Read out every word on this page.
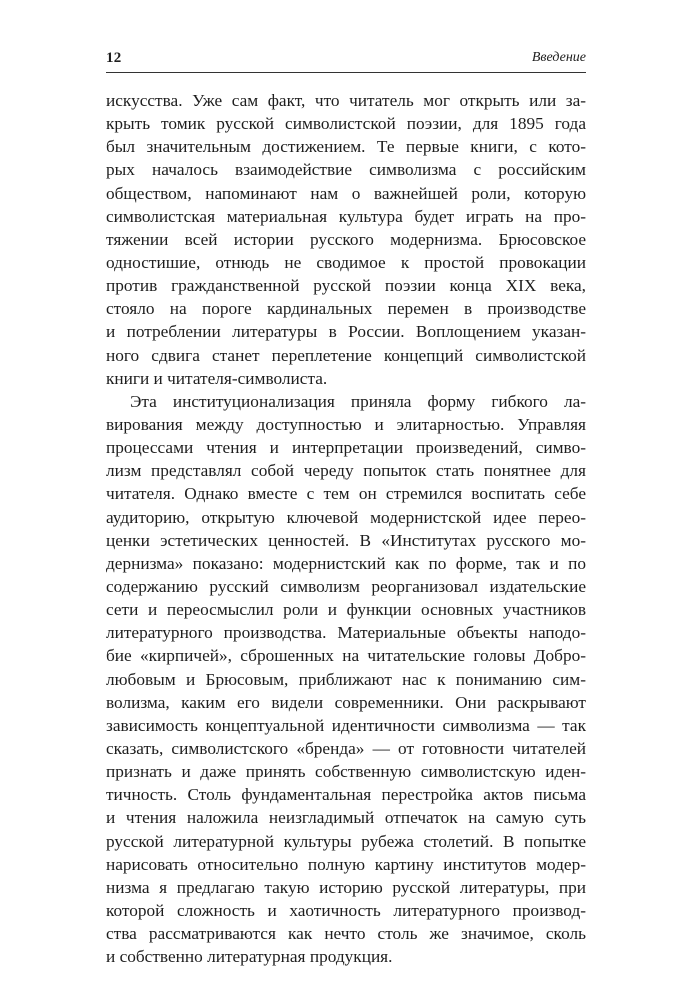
12	Введение
искусства. Уже сам факт, что читатель мог открыть или за-
крыть томик русской символистской поэзии, для 1895 года
был значительным достижением. Те первые книги, с кото-
рых началось взаимодействие символизма с российским
обществом, напоминают нам о важнейшей роли, которую
символистская материальная культура будет играть на про-
тяжении всей истории русского модернизма. Брюсовское
одностишие, отнюдь не сводимое к простой провокации
против гражданственной русской поэзии конца XIX века,
стояло на пороге кардинальных перемен в производстве
и потреблении литературы в России. Воплощением указан-
ного сдвига станет переплетение концепций символистской
книги и читателя-символиста.
Эта институционализация приняла форму гибкого ла-
вирования между доступностью и элитарностью. Управляя
процессами чтения и интерпретации произведений, симво-
лизм представлял собой череду попыток стать понятнее для
читателя. Однако вместе с тем он стремился воспитать себе
аудиторию, открытую ключевой модернистской идее перео-
ценки эстетических ценностей. В «Институтах русского мо-
дернизма» показано: модернистский как по форме, так и по
содержанию русский символизм реорганизовал издательские
сети и переосмыслил роли и функции основных участников
литературного производства. Материальные объекты наподо-
бие «кирпичей», сброшенных на читательские головы Добро-
любовым и Брюсовым, приближают нас к пониманию сим-
волизма, каким его видели современники. Они раскрывают
зависимость концептуальной идентичности символизма — так
сказать, символистского «бренда» — от готовности читателей
признать и даже принять собственную символистскую иден-
тичность. Столь фундаментальная перестройка актов письма
и чтения наложила неизгладимый отпечаток на самую суть
русской литературной культуры рубежа столетий. В попытке
нарисовать относительно полную картину институтов модер-
низма я предлагаю такую историю русской литературы, при
которой сложность и хаотичность литературного производ-
ства рассматриваются как нечто столь же значимое, сколь
и собственно литературная продукция.
